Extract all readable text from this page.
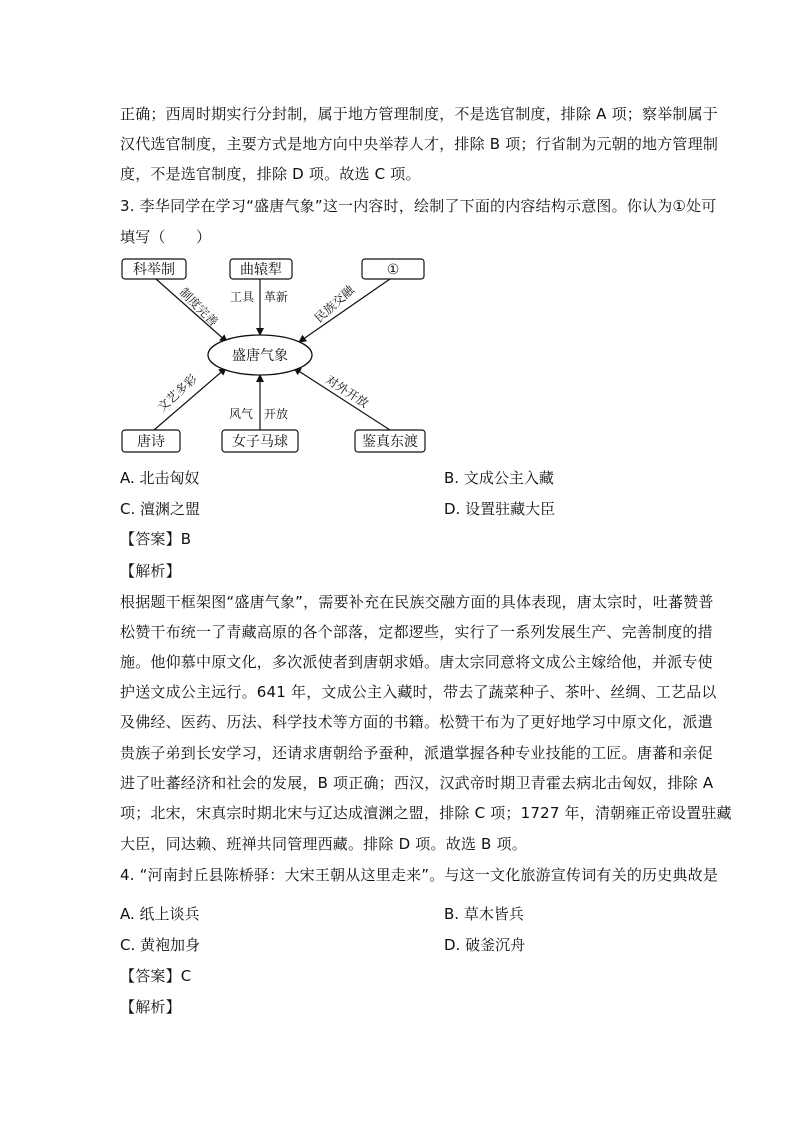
正确；西周时期实行分封制，属于地方管理制度，不是选官制度，排除 A 项；察举制属于
汉代选官制度，主要方式是地方向中央举荐人才，排除 B 项；行省制为元朝的地方管理制
度，不是选官制度，排除 D 项。故选 C 项。
3. 李华同学在学习“盛唐气象”这一内容时，绘制了下面的内容结构示意图。你认为①处可
填写（　　）
科举制	曲辕犁	①
盛唐气象
唐诗	女子马球	鉴真东渡
制度完善 工具 革新 民族交融
文艺多彩 风气 开放
对外开放
A. 北击匈奴	B. 文成公主入藏
C. 澶渊之盟	D. 设置驻藏大臣
【答案】B
【解析】
根据题干框架图“盛唐气象”，需要补充在民族交融方面的具体表现，唐太宗时，吐蕃赞普
松赞干布统一了青藏高原的各个部落，定都逻些，实行了一系列发展生产、完善制度的措
施。他仰慕中原文化，多次派使者到唐朝求婚。唐太宗同意将文成公主嫁给他，并派专使
护送文成公主远行。641 年，文成公主入藏时，带去了蔬菜种子、茶叶、丝绸、工艺品以
及佛经、医药、历法、科学技术等方面的书籍。松赞干布为了更好地学习中原文化，派遣
贵族子弟到长安学习，还请求唐朝给予蚕种，派遣掌握各种专业技能的工匠。唐蕃和亲促
进了吐蕃经济和社会的发展，B 项正确；西汉，汉武帝时期卫青霍去病北击匈奴，排除 A
项；北宋，宋真宗时期北宋与辽达成澶渊之盟，排除 C 项；1727 年，清朝雍正帝设置驻藏
大臣，同达赖、班禅共同管理西藏。排除 D 项。故选 B 项。
4. “河南封丘县陈桥驿：大宋王朝从这里走来”。与这一文化旅游宣传词有关的历史典故是
A. 纸上谈兵	B. 草木皆兵
C. 黄袍加身	D. 破釜沉舟
【答案】C
【解析】
